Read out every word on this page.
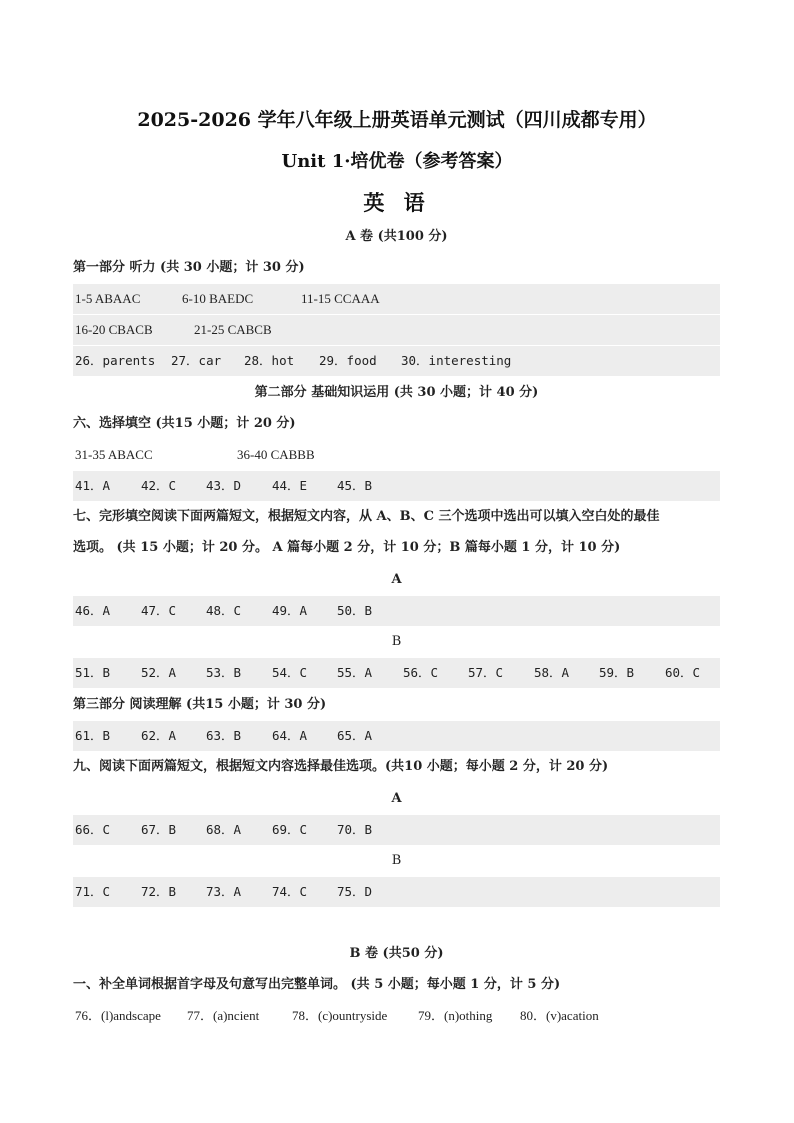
2025-2026 学年八年级上册英语单元测试（四川成都专用）
Unit 1·培优卷（参考答案）
英 语
A 卷 (共100 分)
第一部分 听力 (共 30 小题；计 30 分)
1-5 ABAAC	6-10 BAEDC	11-15 CCAAA
16-20 CBACB	21-25 CABCB
26．parents 27．car 28．hot 29．food 30．interesting
第二部分 基础知识运用 (共 30 小题；计 40 分)
六、选择填空 (共15 小题；计 20 分)
31-35 ABACC	36-40 CABBB
41．A 42．C 43．D 44．E 45．B
七、完形填空阅读下面两篇短文，根据短文内容，从 A、B、C 三个选项中选出可以填入空白处的最佳
选项。 (共 15 小题；计 20 分。 A 篇每小题 2 分，计 10 分；B 篇每小题 1 分，计 10 分)
A
46．A 47．C 48．C 49．A 50．B
B
51．B 52．A 53．B 54．C 55．A 56．C 57．C 58．A 59．B 60．C
第三部分 阅读理解 (共15 小题；计 30 分)
61．B 62．A 63．B 64．A 65．A
九、阅读下面两篇短文，根据短文内容选择最佳选项。(共10 小题；每小题 2 分，计 20 分)
A
66．C 67．B 68．A 69．C 70．B
B
71．C 72．B 73．A 74．C 75．D
B 卷 (共50 分)
一、补全单词根据首字母及句意写出完整单词。 (共 5 小题；每小题 1 分，计 5 分)
76．(l)andscape 77．(a)ncient	78．(c)ountryside 79．(n)othing 80．(v)acation
